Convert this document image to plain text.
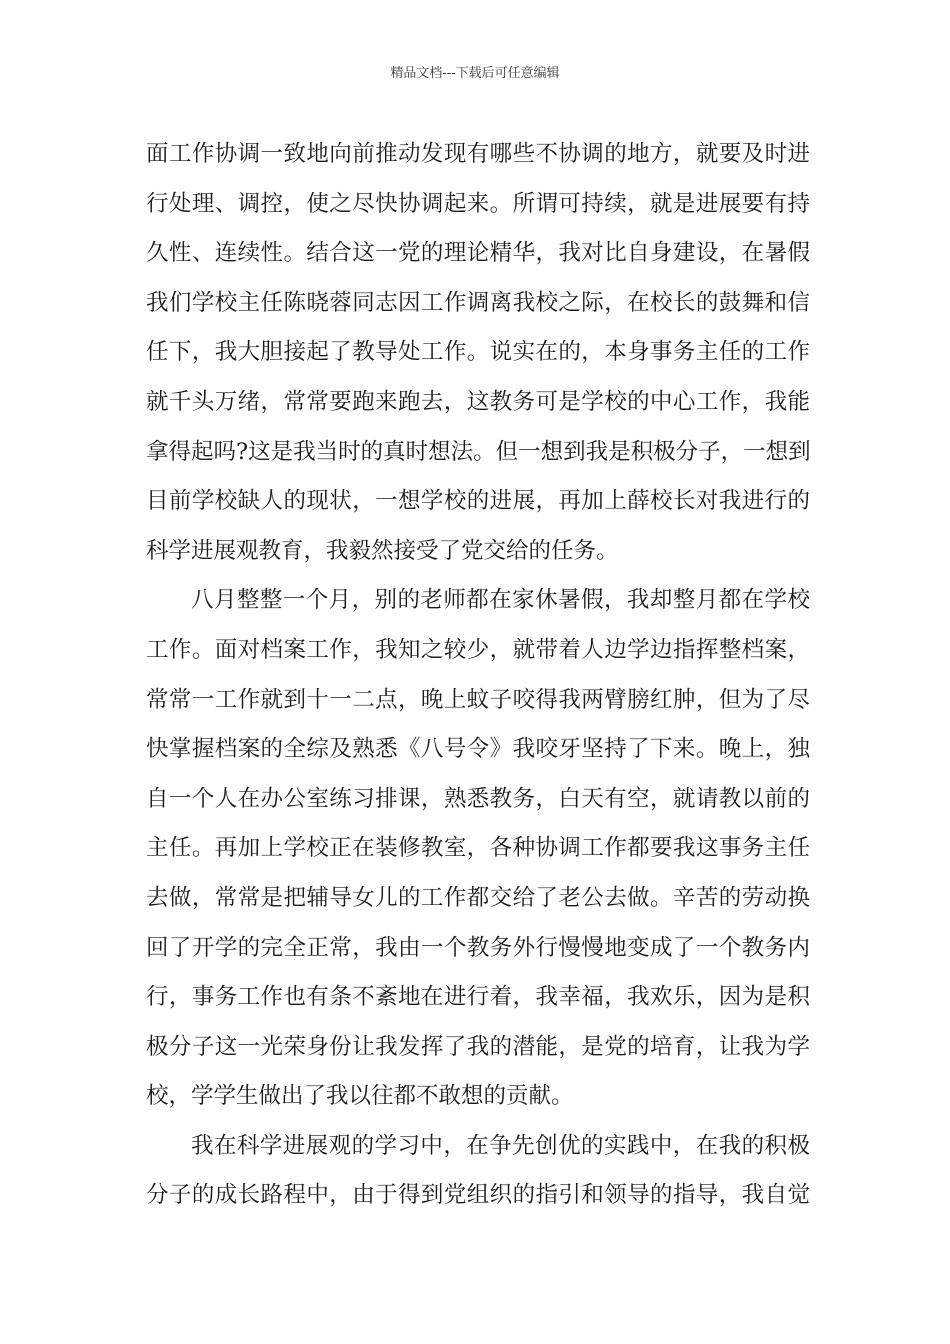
精品文档---下载后可任意编辑
面工作协调一致地向前推动发现有哪些不协调的地方，就要及时进
行处理、调控，使之尽快协调起来。所谓可持续，就是进展要有持
久性、连续性。结合这一党的理论精华，我对比自身建设，在暑假
我们学校主任陈晓蓉同志因工作调离我校之际，在校长的鼓舞和信
任下，我大胆接起了教导处工作。说实在的，本身事务主任的工作
就千头万绪，常常要跑来跑去，这教务可是学校的中心工作，我能
拿得起吗?这是我当时的真时想法。但一想到我是积极分子，一想到
目前学校缺人的现状，一想学校的进展，再加上薛校长对我进行的
科学进展观教育，我毅然接受了党交给的任务。
八月整整一个月，别的老师都在家休暑假，我却整月都在学校
工作。面对档案工作，我知之较少，就带着人边学边指挥整档案，
常常一工作就到十一二点，晚上蚊子咬得我两臂膀红肿，但为了尽
快掌握档案的全综及熟悉《八号令》我咬牙坚持了下来。晚上，独
自一个人在办公室练习排课，熟悉教务，白天有空，就请教以前的
主任。再加上学校正在装修教室，各种协调工作都要我这事务主任
去做，常常是把辅导女儿的工作都交给了老公去做。辛苦的劳动换
回了开学的完全正常，我由一个教务外行慢慢地变成了一个教务内
行，事务工作也有条不紊地在进行着，我幸福，我欢乐，因为是积
极分子这一光荣身份让我发挥了我的潜能，是党的培育，让我为学
校，学学生做出了我以往都不敢想的贡献。
我在科学进展观的学习中，在争先创优的实践中，在我的积极
分子的成长路程中，由于得到党组织的指引和领导的指导，我自觉
